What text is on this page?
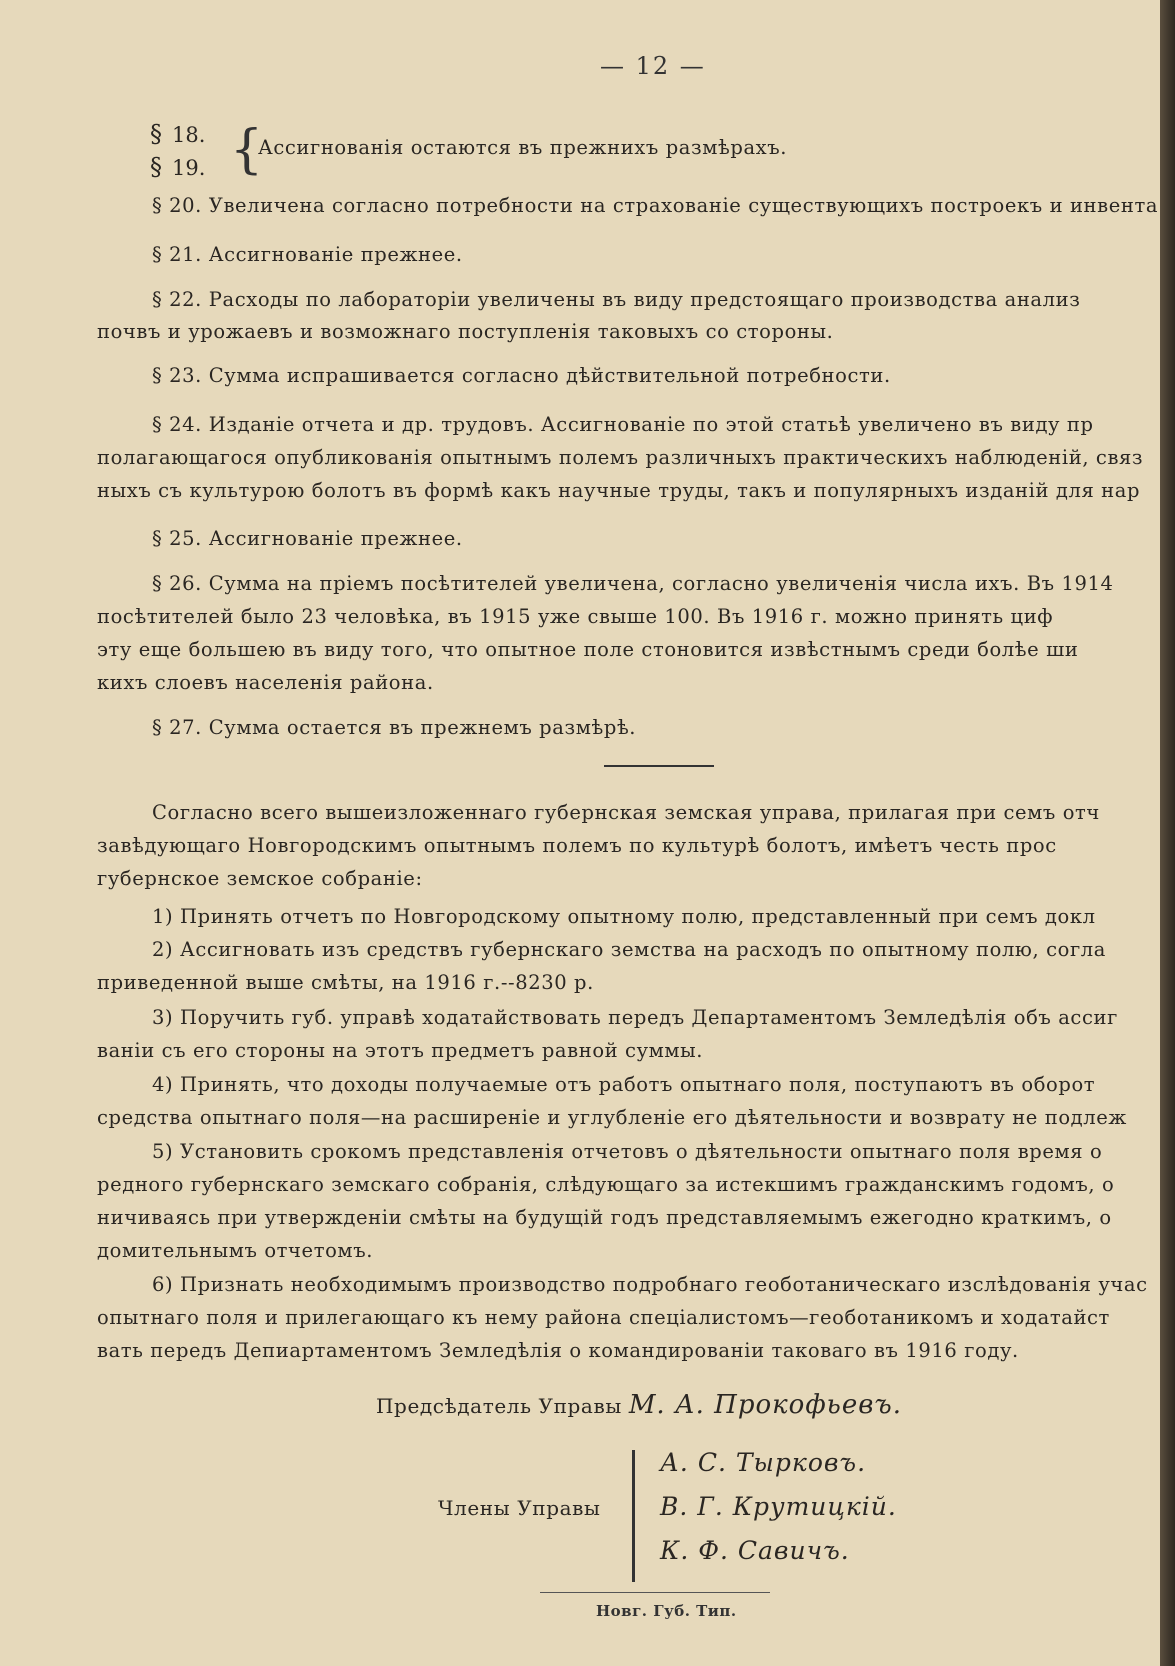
— 12 —
§ 18.
§ 19. {
Ассигнованія остаются въ прежнихъ размѣрахъ.
§ 20. Увеличена согласно потребности на страхованіе существующихъ построекъ и инвента
§ 21. Ассигнованіе прежнее.
§ 22. Расходы по лабораторіи увеличены въ виду предстоящаго производства анализ
почвъ и урожаевъ и возможнаго поступленія таковыхъ со стороны.
§ 23. Сумма испрашивается согласно дѣйствительной потребности.
§ 24. Изданіе отчета и др. трудовъ. Ассигнованіе по этой статьѣ увеличено въ виду пр
полагающагося опубликованія опытнымъ полемъ различныхъ практическихъ наблюденій, связ
ныхъ съ культурою болотъ въ формѣ какъ научные труды, такъ и популярныхъ изданій для нар
§ 25. Ассигнованіе прежнее.
§ 26. Сумма на пріемъ посѣтителей увеличена, согласно увеличенія числа ихъ. Въ 1914
посѣтителей было 23 человѣка, въ 1915 уже свыше 100. Въ 1916 г. можно принять циф
эту еще большею въ виду того, что опытное поле стоновится извѣстнымъ среди болѣе ши
кихъ слоевъ населенія района.
§ 27. Сумма остается въ прежнемъ размѣрѣ.
Согласно всего вышеизложеннаго губернская земская управа, прилагая при семъ отч
завѣдующаго Новгородскимъ опытнымъ полемъ по культурѣ болотъ, имѣетъ честь прос
губернское земское собраніе:
1) Принять отчетъ по Новгородскому опытному полю, представленный при семъ докл
2) Ассигновать изъ средствъ губернскаго земства на расходъ по опытному полю, согла
приведенной выше смѣты, на 1916 г.--8230 р.
3) Поручить губ. управѣ ходатайствовать передъ Департаментомъ Земледѣлія объ ассиг
ваніи съ его стороны на этотъ предметъ равной суммы.
4) Принять, что доходы получаемые отъ работъ опытнаго поля, поступаютъ въ оборот
средства опытнаго поля—на расширеніе и углубленіе его дѣятельности и возврату не подлеж
5) Установить срокомъ представленія отчетовъ о дѣятельности опытнаго поля время о
редного губернскаго земскаго собранія, слѣдующаго за истекшимъ гражданскимъ годомъ, о
ничиваясь при утвержденіи смѣты на будущій годъ представляемымъ ежегодно краткимъ, о
домительнымъ отчетомъ.
6) Признать необходимымъ производство подробнаго геоботаническаго изслѣдованія учас
опытнаго поля и прилегающаго къ нему района спеціалистомъ—геоботаникомъ и ходатайст
вать передъ Депиартаментомъ Земледѣлія о командированіи таковаго въ 1916 году.
Предсѣдатель Управы М. А. Прокофьевъ.
Члены Управы
А. С. Тырковъ.
В. Г. Крутицкій.
К. Ф. Савичъ.
Новг. Губ. Тип.
